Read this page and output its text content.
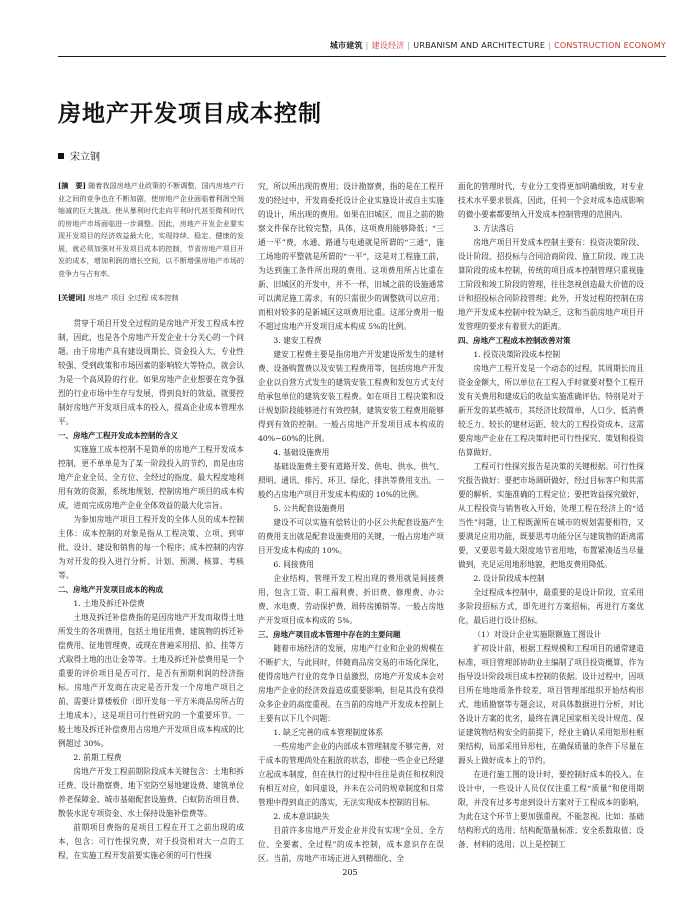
城市建筑 | 建设经济 | URBANISM AND ARCHITECTURE | CONSTRUCTION ECONOMY
房地产开发项目成本控制
宋立钢

[摘　要] 随着我国房地产业政策的不断调整，国内房地产行业之间的竞争也在不断加剧，使房地产企业面临着利润空间缩减的巨大挑战。使从暴利时代走向平利时代甚至微利时代的房地产市场面临进一步调整。因此，房地产开发企业要实现开发项目的经济效益最大化，实现持续、稳定、健康的发展，就必须加强对开发项目成本的控制，节省房地产项目开发的成本，增加利润的增长空间，以不断增强房地产市场的竞争力与占有率。

[关键词] 房地产 项目 全过程 成本控制

贯穿于项目开发全过程的是房地产开发工程成本控制，因此，也是各个房地产开发企业十分关心的一个问题。由于房地产具有建设周期长、资金投入大、专业性较强、受到政策和市场因素的影响较大等特点，就会认为是一个高风险的行业。如果房地产企业想要在竞争强烈的行业市场中生存与发展，得到良好的效益，就要控制好房地产开发项目成本的投入，提高企业成本管理水平。

一、房地产工程开发成本控制的含义

实施施工成本控制不是简单的房地产工程开发成本控制，更不单单是为了某一阶段投入的节约，而是由房地产企业全员、全方位、全经过的指度，最大程度地利用有效的资源，系统地规划、控制房地产项目的成本构成，进而完成房地产企业全体效益的最大化宗旨。

为参加房地产项目工程开发的全体人员的成本控制主体：成本控制的对象是指从工程决策、立项、到审批、设计、建设和销售的每一个程序；成本控制的内容为对开发的投入进行分析、计划、预测、核算、考核等。

二、房地产开发项目成本的构成

1. 土地及拆迁补偿费

土地及拆迁补偿费指的是因房地产开发而取得土地所发生的各项费用，包括土地征用费、建筑物的拆迁补偿费用、征地管理费，或现在普遍采用招、拍、挂等方式取得土地的出让金等等。土地及拆迁补偿费用是一个重要的评价项目是否可行、是否有预期利润的经济指标。房地产开发商在决定是否开发一个房地产项目之前，需要计算楼板价（即开发每一平方米商品房所占的土地成本），这是项目可行性研究的一个重要环节。一般土地及拆迁补偿费用占房地产开发项目成本构成的比例超过 30%。

2. 前期工程费

房地产开发工程前期阶段成本关键包含：土地和拆迁费、设计勘察费、地下室防空易地建设费、建筑单位养老保障金、城市基础配套设施费、白蚁防治项目费、散装水泥专项资金、水土保持设施补偿费等。

前期项目费指的是项目工程在开工之前出现的成本，包含：可行性探究费，对于投资相对大一点的工程，在实施工程开发前要实施必须的可行性探

究，所以所出现的费用；设计勘察费，指的是在工程开发的经过中，开发商委托设计企业实施设计或自主实施的设计，所出现的费用。如果在旧城区，而且之前的勘察文件保存比较完整，具体，这项费用能够降低；“三通一平”费，水通、路通与电通就是所谓的“三通”，施工场地的平整就是所谓的“一平”，这是对工程施工前，为达到施工条件所出现的费用。这项费用所占比重在新、旧城区的开发中，并不一样，旧城之前的设施通常可以满足施工需求，有的只需很少的调整就可以应用；而相对较多的是新城区这项费用比重。这部分费用一般不超过房地产开发项目成本构成 5%的比例。

3. 建安工程费

建安工程费主要是指房地产开发建设所发生的建材费、设备购置费以及安装工程费用等，包括房地产开发企业以自营方式发生的建筑安装工程费和发包方式支付给承包单位的建筑安装工程费。如在项目工程决策和设计规划阶段能够进行有效控制，建筑安装工程费用能够得到有效的控制。一般占房地产开发项目成本构成的 40%~60%的比例。

4. 基础设施费用

基础设施费主要有道路开发、供电、供水、供气、照明、通讯、排污、环卫、绿化、排洪等费用支出。一般约占房地产项目开发成本构成的 10%的比例。

5. 公共配套设施费用

建设不可以实施有偿转让的小区公共配套设施产生的费用支出就是配套设施费用的关键，一般占房地产项目开发成本构成的 10%。

6. 间接费用

企业结构、管理开发工程出现的费用就是间接费用，包含工资、职工福利费、折旧费、修理费、办公费、水电费、劳动保护费、周转房摊销等。一般占房地产开发项目成本构成的 5%。

三、房地产项目成本管理中存在的主要问题

随着市场经济的发展，房地产行业和企业的规模在不断扩大，与此同时，伴随商品房交易的市场化深化，使得房地产行业的竞争日益激烈，房地产开发成本会对房地产企业的经济效益造成重要影响，但是其没有获得众多企业的高度重视。在当前的房地产开发成本控制上主要有以下几个问题：

1. 缺乏完善的成本管理制度体系

一些房地产企业的内部成本管理制度不够完善，对于成本的管理尚处在粗放的状态，即使一些企业已经建立起成本制度，但在执行的过程中往往是责任和权利没有相互对应，如同虚设，并未在公司的规章制度和日常管理中得到真正的落实，无法实现成本控制的目标。

2. 成本意识缺失

目前许多房地产开发企业并没有实现“全员、全方位、全要素、全过程”的成本控制，成本意识存在误区。当前，房地产市场正进入到精细化、全

面化的管理时代，专业分工变得更加明确细致，对专业技术水平要求很高，因此，任何一个会对成本造成影响的微小要素都要纳入开发成本控制管理的范围内。

3. 方法落后

房地产项目开发成本控制主要有：投资决策阶段、设计阶段、招投标与合同洽商阶段、施工阶段、竣工决算阶段的成本控制，传统的项目成本控制管理只重视施工阶段和竣工阶段的管理，往往忽视创造最大价值的设计和招投标合同阶段管理；此外，开发过程的控制在房地产开发成本控制中较为缺乏，这和当前房地产项目开发管理的要求有着很大的距离。

四、房地产工程成本控制改善对策

1. 投资决策阶段成本控制

房地产工程开发是一个动态的过程，其周期长而且资金金额大，所以单位在工程入手时就要对整个工程开发有关费用和建成后的收益实施准确评估。特别是对于新开发的某些城市，其经济比较简单，人口少、低消费较乏力、较长的建材运距、较大的工程投资成本，这需要房地产企业在工程决策时把可行性探究、策划和投资估算做好。

工程可行性探究报告是决策的关键根据。可行性探究报告做好：要把市场调研做好，经过目标客户和其需要的解析、实施准确的工程定位；要把效益探究做好，从工程投资与销售收入开始，处理工程在经济上的“适当性”问题，让工程既源所在城市的规划需要相符，又要满足应用功能，既要思考功能分区与建筑物的距离需要，又要思考最大限度地节省用地，布置紧凑适当尽量做到，充足运用地形地貌，把地皮费用降低。

2. 设计阶段成本控制

全过程成本控制中，最重要的是设计阶段，宜采用多阶段招标方式，即先进行方案招标，再进行方案优化，最后进行设计招标。

（1）对设计企业实施限额施工图设计

扩初设计前，根据工程规模和工程项目的通常建造标准，项目管理部协助业主编制了项目投资概算，作为指导设计阶段项目成本控制的依据。设计过程中，因项目所在地地质条件较差，项目管理部组织开始结构形式、地质勘察等专题会议，对具体数据进行分析，对比各设计方案的优劣，最终在满足国家相关设计规范、保证建筑物结构安全的前提下，经业主确认采用矩形柱框架结构，局部采用异形柱，在确保质量的条件下尽量在源头上做好成本上的节约。

在进行施工图的设计时，要控制好成本的投入。在设计中，一些设计人员仅仅注重工程“质量”和使用期限，并没有过多考虑到设计方案对于工程成本的影响，为此在这个环节上要加强重视，不能忽视。比如：基础结构形式的选用；结构配筋量标准；安全系数取值；设备、材料的选用；以上是控制工

205
